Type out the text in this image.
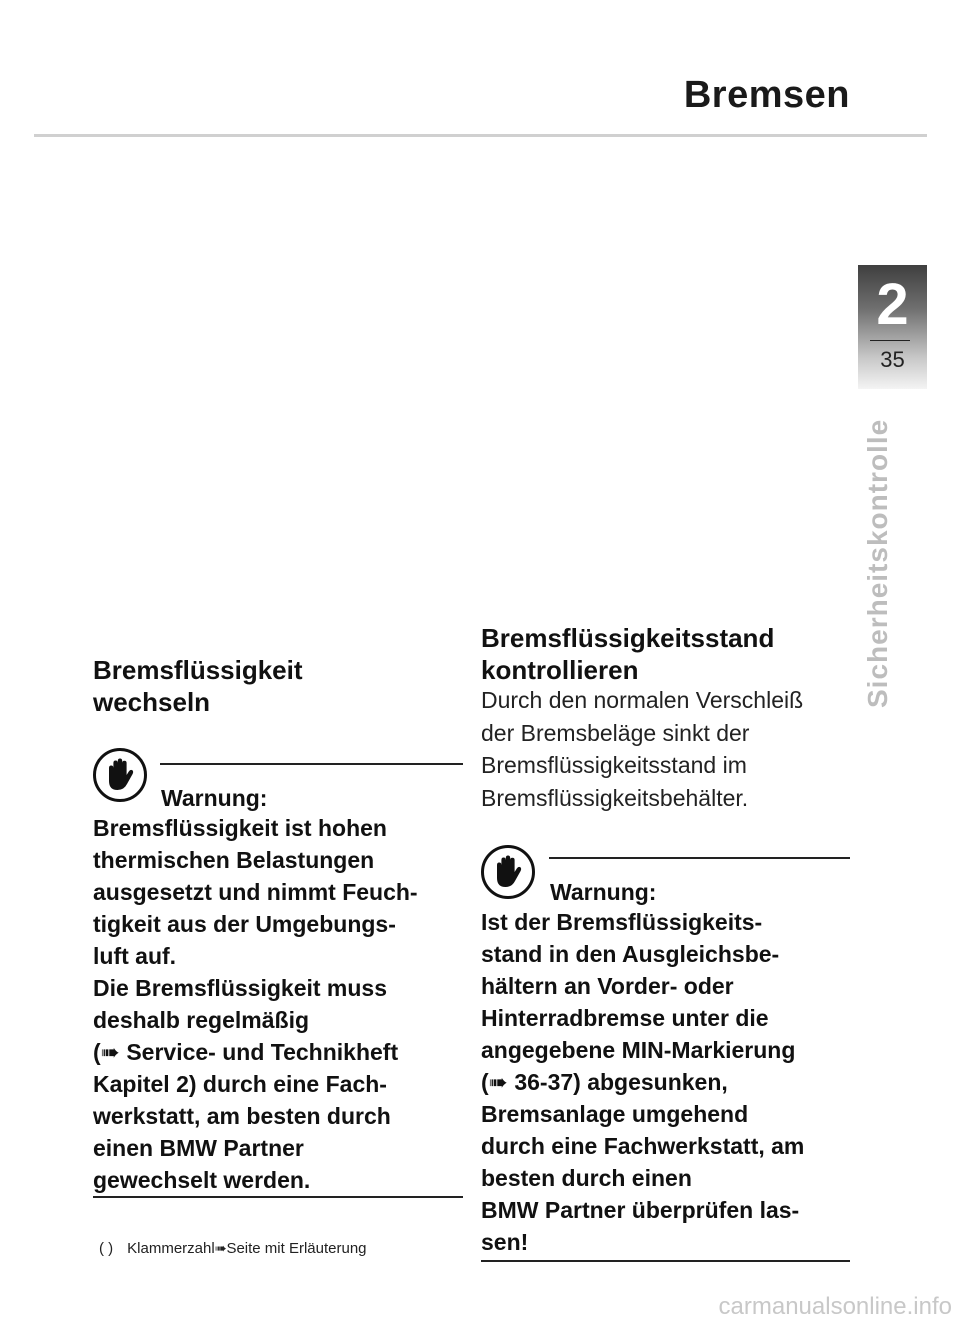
Bremsen
2
35
Sicherheitskontrolle
Bremsflüssigkeit
wechseln
Warnung:

Bremsflüssigkeit ist hohen
thermischen Belastungen
ausgesetzt und nimmt Feuch-
tigkeit aus der Umgebungs-
luft auf.
Die Bremsflüssigkeit muss
deshalb regelmäßig
(➠ Service- und Technikheft
Kapitel 2) durch eine Fach-
werkstatt, am besten durch
einen BMW Partner
gewechselt werden.

( ) Klammerzahl➠Seite mit Erläuterung
Bremsflüssigkeitsstand
kontrollieren

Durch den normalen Verschleiß
der Bremsbeläge sinkt der
Bremsflüssigkeitsstand im
Bremsflüssigkeitsbehälter.

Warnung:

Ist der Bremsflüssigkeits-
stand in den Ausgleichsbe-
hältern an Vorder- oder
Hinterradbremse unter die
angegebene MIN-Markierung
(➠ 36-37) abgesunken,
Bremsanlage umgehend
durch eine Fachwerkstatt, am
besten durch einen
BMW Partner überprüfen las-
sen!

carmanualsonline.info
